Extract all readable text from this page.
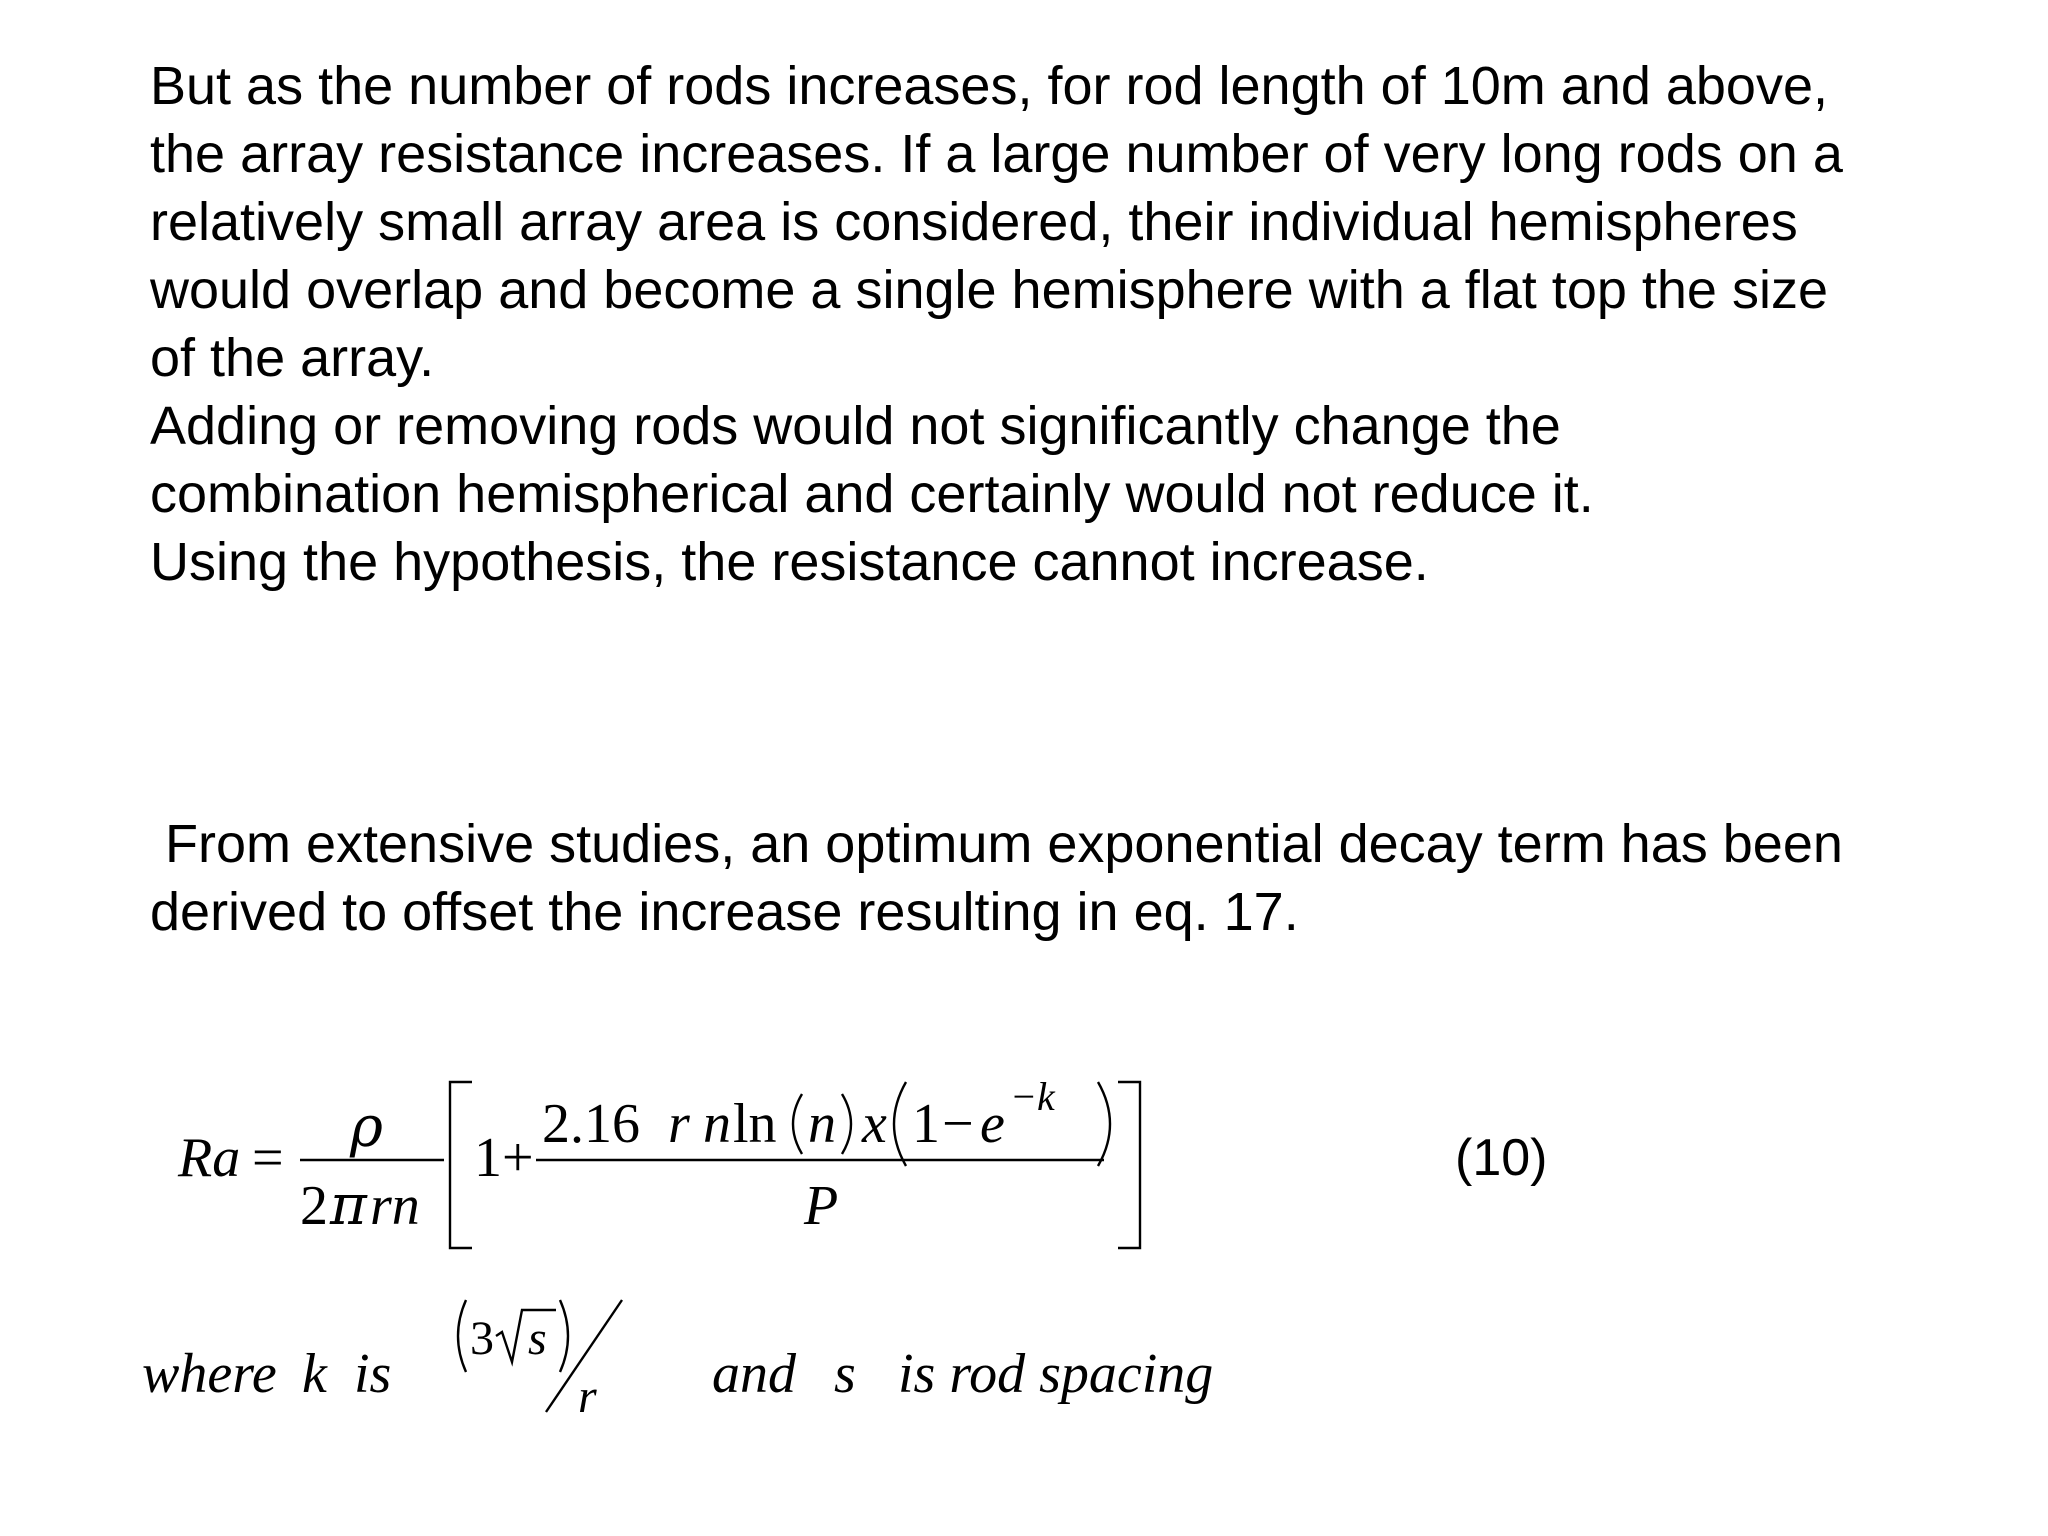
But as the number of rods increases, for rod length of 10m and above,
the array resistance increases. If a large number of very long rods on a
relatively small array area is considered, their individual hemispheres
would overlap and become a single hemisphere with a flat top the size
of the array.
Adding or removing rods would not significantly change the
combination hemispherical and certainly would not reduce it.
Using the hypothesis, the resistance cannot increase.
From extensive studies, an optimum exponential decay term has been
derived to offset the increase resulting in eq. 17.
Ra = ρ
2 π rn
1+
2.16 r n ln n x 1 − e −k
P
where k is
3 s
r and s is rod spacing
(10)
